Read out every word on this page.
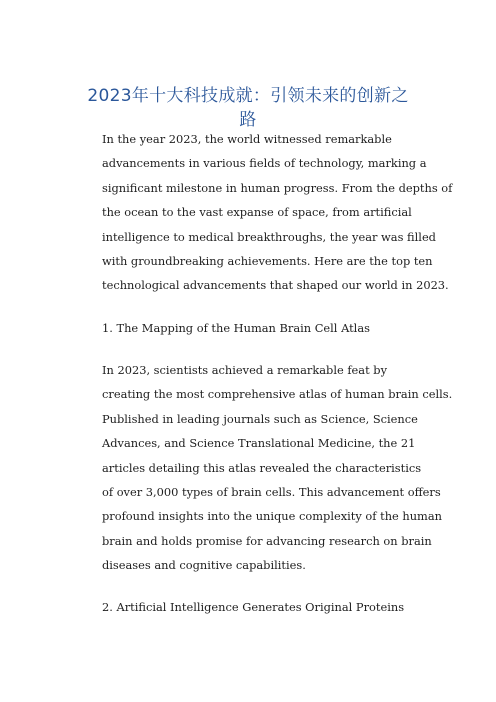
2023年十大科技成就：引领未来的创新之
路

In the year 2023, the world witnessed remarkable
advancements in various fields of technology, marking a
significant milestone in human progress. From the depths of
the ocean to the vast expanse of space, from artificial
intelligence to medical breakthroughs, the year was filled
with groundbreaking achievements. Here are the top ten
technological advancements that shaped our world in 2023.

1. The Mapping of the Human Brain Cell Atlas

In 2023, scientists achieved a remarkable feat by
creating the most comprehensive atlas of human brain cells.
Published in leading journals such as Science, Science
Advances, and Science Translational Medicine, the 21
articles detailing this atlas revealed the characteristics
of over 3,000 types of brain cells. This advancement offers
profound insights into the unique complexity of the human
brain and holds promise for advancing research on brain
diseases and cognitive capabilities.

2. Artificial Intelligence Generates Original Proteins
